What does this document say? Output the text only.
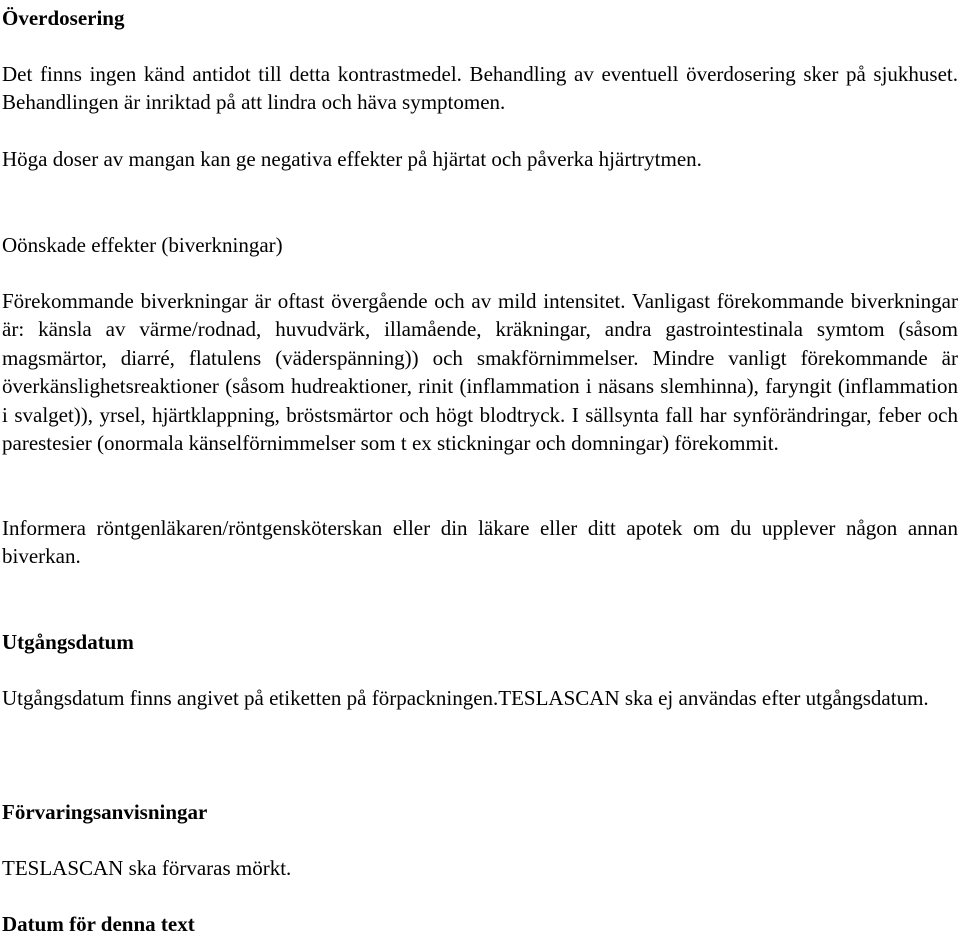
Överdosering
Det finns ingen känd antidot till detta kontrastmedel. Behandling av eventuell överdosering sker på sjukhuset. Behandlingen är inriktad på att lindra och häva symptomen.
Höga doser av mangan kan ge negativa effekter på hjärtat och påverka hjärtrytmen.
Oönskade effekter (biverkningar)
Förekommande biverkningar är oftast övergående och av mild intensitet. Vanligast förekommande biverkningar är: känsla av värme/rodnad, huvudvärk, illamående, kräkningar, andra gastrointestinala symtom (såsom magsmärtor, diarré, flatulens (väderspänning)) och smakförnimmelser. Mindre vanligt förekommande är överkänslighetsreaktioner (såsom hudreaktioner, rinit (inflammation i näsans slemhinna), faryngit (inflammation i svalget)), yrsel, hjärtklappning, bröstsmärtor och högt blodtryck. I sällsynta fall har synförändringar, feber och parestesier (onormala känselförnimmelser som t ex stickningar och domningar) förekommit.
Informera röntgenläkaren/röntgensköterskan eller din läkare eller ditt apotek om du upplever någon annan biverkan.
Utgångsdatum
Utgångsdatum finns angivet på etiketten på förpackningen.TESLASCAN ska ej användas efter utgångsdatum.
Förvaringsanvisningar
TESLASCAN ska förvaras mörkt.
Datum för denna text
